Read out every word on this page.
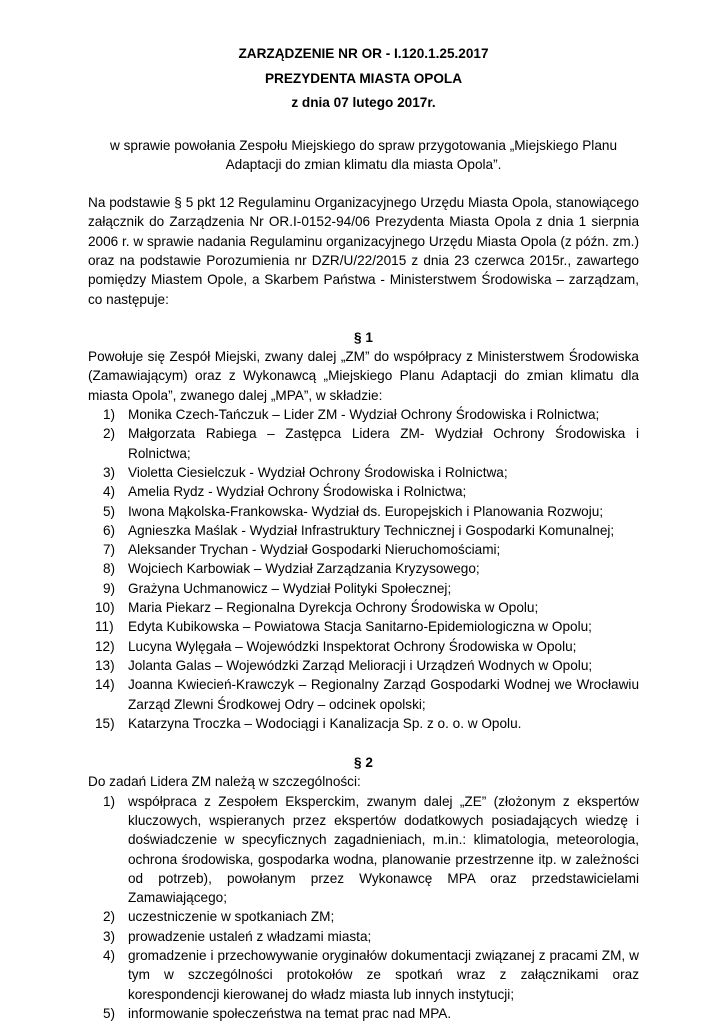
ZARZĄDZENIE NR OR - I.120.1.25.2017

PREZYDENTA MIASTA OPOLA

z dnia 07 lutego 2017r.

w sprawie powołania Zespołu Miejskiego do spraw przygotowania „Miejskiego Planu Adaptacji do zmian klimatu dla miasta Opola”.

Na podstawie § 5 pkt 12 Regulaminu Organizacyjnego Urzędu Miasta Opola, stanowiącego załącznik do Zarządzenia Nr OR.I-0152-94/06 Prezydenta Miasta Opola z dnia 1 sierpnia 2006 r. w sprawie nadania Regulaminu organizacyjnego Urzędu Miasta Opola (z późn. zm.) oraz na podstawie Porozumienia nr DZR/U/22/2015 z dnia 23 czerwca 2015r., zawartego pomiędzy Miastem Opole, a Skarbem Państwa - Ministerstwem Środowiska – zarządzam, co następuje:

§ 1

Powołuje się Zespół Miejski, zwany dalej „ZM” do współpracy z Ministerstwem Środowiska (Zamawiającym) oraz z Wykonawcą „Miejskiego Planu Adaptacji do zmian klimatu dla miasta Opola”, zwanego dalej „MPA”, w składzie:

1) Monika Czech-Tańczuk – Lider ZM - Wydział Ochrony Środowiska i Rolnictwa;
2) Małgorzata Rabiega – Zastępca Lidera ZM- Wydział Ochrony Środowiska i Rolnictwa;
3) Violetta Ciesielczuk - Wydział Ochrony Środowiska i Rolnictwa;
4) Amelia Rydz - Wydział Ochrony Środowiska i Rolnictwa;
5) Iwona Mąkolska-Frankowska- Wydział ds. Europejskich i Planowania Rozwoju;
6) Agnieszka Maślak - Wydział Infrastruktury Technicznej i Gospodarki Komunalnej;
7) Aleksander Trychan - Wydział Gospodarki Nieruchomościami;
8) Wojciech Karbowiak – Wydział Zarządzania Kryzysowego;
9) Grażyna Uchmanowicz – Wydział Polityki Społecznej;
10) Maria Piekarz – Regionalna Dyrekcja Ochrony Środowiska w Opolu;
11) Edyta Kubikowska – Powiatowa Stacja Sanitarno-Epidemiologiczna w Opolu;
12) Lucyna Wylęgała – Wojewódzki Inspektorat Ochrony Środowiska w Opolu;
13) Jolanta Galas – Wojewódzki Zarząd Melioracji i Urządzeń Wodnych w Opolu;
14) Joanna Kwiecień-Krawczyk – Regionalny Zarząd Gospodarki Wodnej we Wrocławiu Zarząd Zlewni Środkowej Odry – odcinek opolski;
15) Katarzyna Troczka – Wodociągi i Kanalizacja Sp. z o. o. w Opolu.

§ 2

Do zadań Lidera ZM należą w szczególności:

1) współpraca z Zespołem Eksperckim, zwanym dalej „ZE” (złożonym z ekspertów kluczowych, wspieranych przez ekspertów dodatkowych posiadających wiedzę i doświadczenie w specyficznych zagadnieniach, m.in.: klimatologia, meteorologia, ochrona środowiska, gospodarka wodna, planowanie przestrzenne itp. w zależności od potrzeb), powołanym przez Wykonawcę MPA oraz przedstawicielami Zamawiającego;
2) uczestniczenie w spotkaniach ZM;
3) prowadzenie ustaleń z władzami miasta;
4) gromadzenie i przechowywanie oryginałów dokumentacji związanej z pracami ZM, w tym w szczególności protokołów ze spotkań wraz z załącznikami oraz korespondencji kierowanej do władz miasta lub innych instytucji;
5) informowanie społeczeństwa na temat prac nad MPA.
